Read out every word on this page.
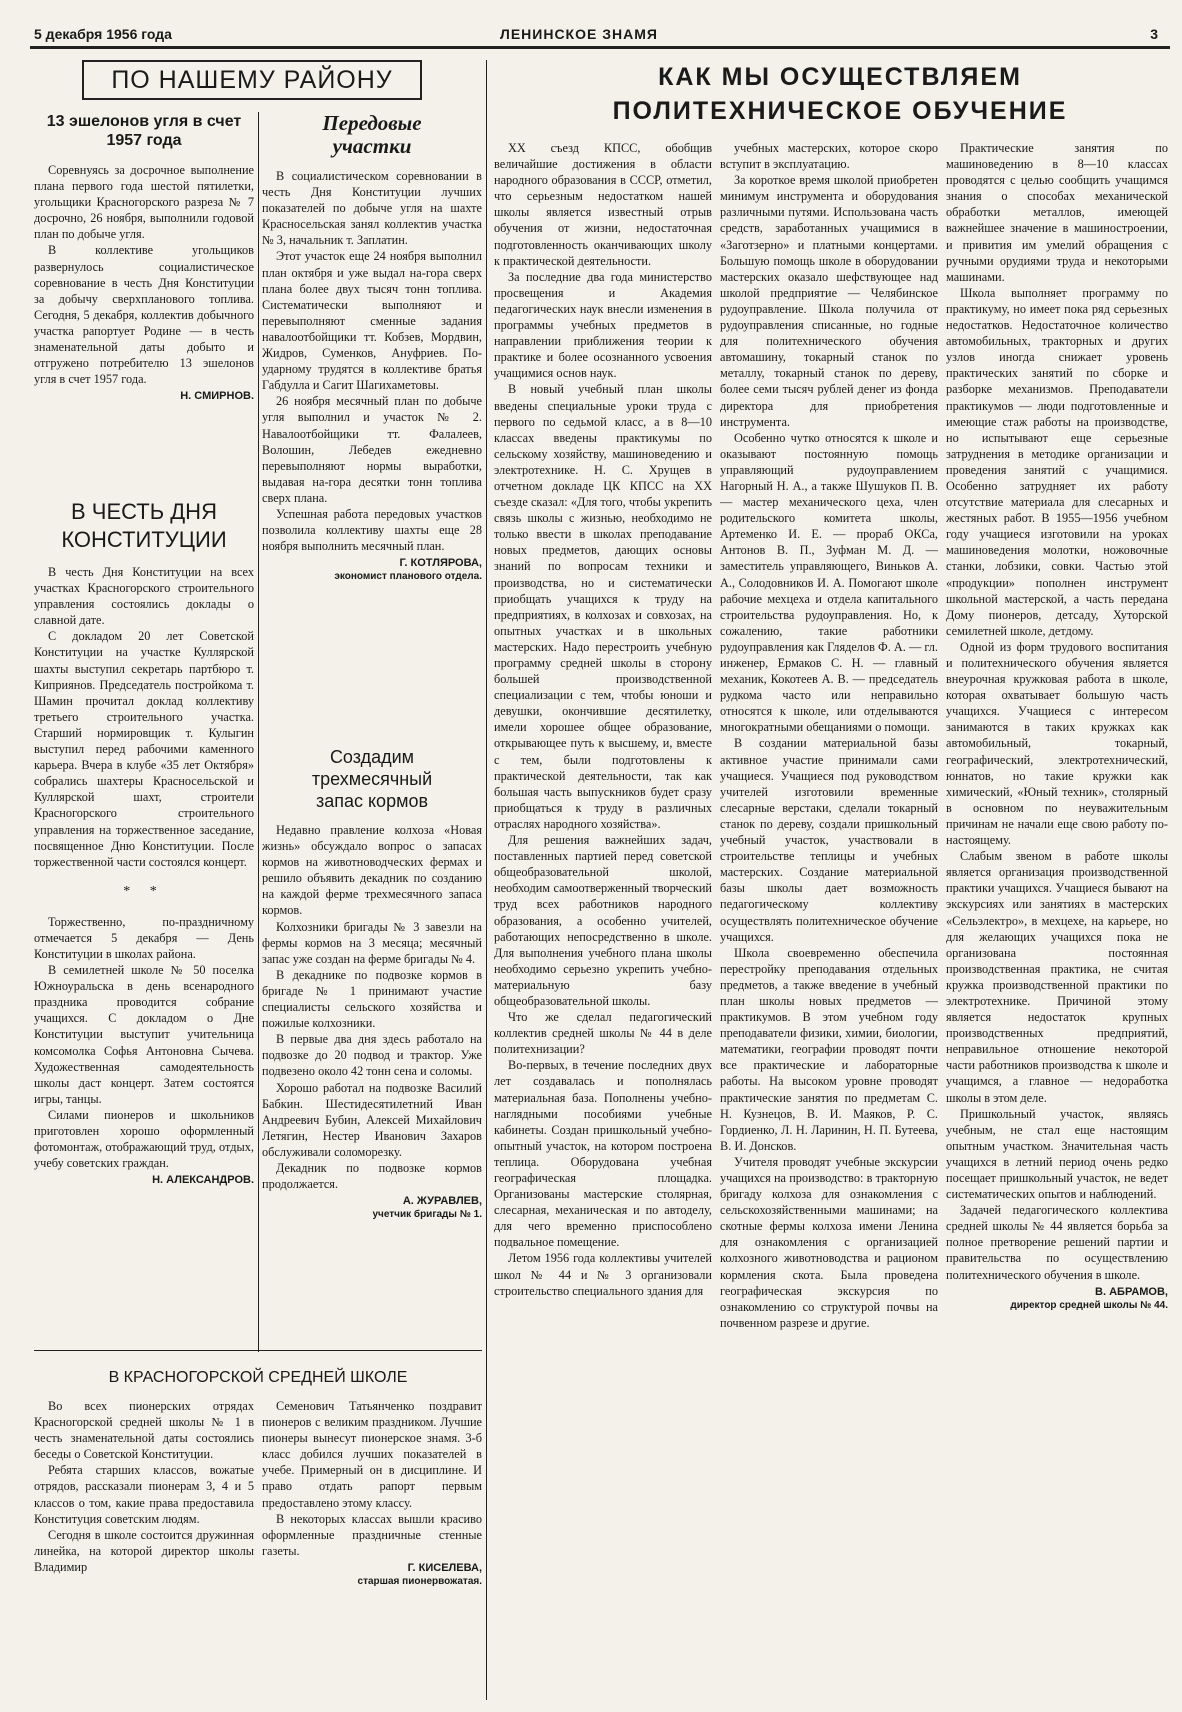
5 декабря 1956 года	ЛЕНИНСКОЕ ЗНАМЯ	3
ПО НАШЕМУ РАЙОНУ
13 эшелонов угля в счет 1957 года

Соревнуясь за досрочное выполнение плана первого года шестой пятилетки, угольщики Красногорского разреза № 7 досрочно, 26 ноября, выполнили годовой план по добыче угля.

В коллективе угольщиков развернулось социалистическое соревнование в честь Дня Конституции за добычу сверхпланового топлива. Сегодня, 5 декабря, коллектив добычного участка рапортует Родине — в честь знаменательной даты добыто и отгружено потребителю 13 эшелонов угля в счет 1957 года.

Н. СМИРНОВ.

В ЧЕСТЬ ДНЯ КОНСТИТУЦИИ

В честь Дня Конституции на всех участках Красногорского строительного управления состоялись доклады о славной дате.

С докладом 20 лет Советской Конституции на участке Куллярской шахты выступил секретарь партбюро т. Киприянов. Председатель постройкома т. Шамин прочитал доклад коллективу третьего строительного участка. Старший нормировщик т. Кулыгин выступил перед рабочими каменного карьера. Вчера в клубе «35 лет Октября» собрались шахтеры Красносельской и Куллярской шахт, строители Красногорского строительного управления на торжественное заседание, посвященное Дню Конституции. После торжественной части состоялся концерт.

* *

Торжественно, по-праздничному отмечается 5 декабря — День Конституции в школах района.

В семилетней школе № 50 поселка Южноуральска в день всенародного праздника проводится собрание учащихся. С докладом о Дне Конституции выступит учительница комсомолка Софья Антоновна Сычева. Художественная самодеятельность школы даст концерт. Затем состоятся игры, танцы.

Силами пионеров и школьников приготовлен хорошо оформленный фотомонтаж, отображающий труд, отдых, учебу советских граждан.

Н. АЛЕКСАНДРОВ.

Передовые участки

В социалистическом соревновании в честь Дня Конституции лучших показателей по добыче угля на шахте Красносельская занял коллектив участка № 3, начальник т. Заплатин.

Этот участок еще 24 ноября выполнил план октября и уже выдал на-гора сверх плана более двух тысяч тонн топлива. Систематически выполняют и перевыполняют сменные задания навалоотбойщики тт. Кобзев, Мордвин, Жидров, Суменков, Ануфриев. По-ударному трудятся в коллективе братья Габдулла и Сагит Шагихаметовы.

26 ноября месячный план по добыче угля выполнил и участок № 2. Навалоотбойщики тт. Фалалеев, Волошин, Лебедев ежедневно перевыполняют нормы выработки, выдавая на-гора десятки тонн топлива сверх плана.

Успешная работа передовых участков позволила коллективу шахты еще 28 ноября выполнить месячный план.

Г. КОТЛЯРОВА,

экономист планового отдела.

Создадим трехмесячный запас кормов

Недавно правление колхоза «Новая жизнь» обсуждало вопрос о запасах кормов на животноводческих фермах и решило объявить декадник по созданию на каждой ферме трехмесячного запаса кормов.

Колхозники бригады № 3 завезли на фермы кормов на 3 месяца; месячный запас уже создан на ферме бригады № 4.

В декаднике по подвозке кормов в бригаде № 1 принимают участие специалисты сельского хозяйства и пожилые колхозники.

В первые два дня здесь работало на подвозке до 20 подвод и трактор. Уже подвезено около 42 тонн сена и соломы.

Хорошо работал на подвозке Василий Бабкин. Шестидесятилетний Иван Андреевич Бубин, Алексей Михайлович Летягин, Нестер Иванович Захаров обслуживали соломорезку.

Декадник по подвозке кормов продолжается.

А. ЖУРАВЛЕВ,

учетчик бригады № 1.

В КРАСНОГОРСКОЙ СРЕДНЕЙ ШКОЛЕ

Во всех пионерских отрядах Красногорской средней школы № 1 в честь знаменательной даты состоялись беседы о Советской Конституции.

Ребята старших классов, вожатые отрядов, рассказали пионерам 3, 4 и 5 классов о том, какие права предоставила Конституция советским людям.

Сегодня в школе состоится дружинная линейка, на которой директор школы Владимир

Семенович Татьянченко поздравит пионеров с великим праздником. Лучшие пионеры вынесут пионерское знамя. 3-б класс добился лучших показателей в учебе. Примерный он в дисциплине. И право отдать рапорт первым предоставлено этому классу.

В некоторых классах вышли красиво оформленные праздничные стенные газеты.

Г. КИСЕЛЕВА,

старшая пионервожатая.

КАК МЫ ОСУЩЕСТВЛЯЕМ ПОЛИТЕХНИЧЕСКОЕ ОБУЧЕНИЕ

XX съезд КПСС, обобщив величайшие достижения в области народного образования в СССР, отметил, что серьезным недостатком нашей школы является известный отрыв обучения от жизни, недостаточная подготовленность оканчивающих школу к практической деятельности.

За последние два года министерство просвещения и Академия педагогических наук внесли изменения в программы учебных предметов в направлении приближения теории к практике и более осознанного усвоения учащимися основ наук.

В новый учебный план школы введены специальные уроки труда с первого по седьмой класс, а в 8—10 классах введены практикумы по сельскому хозяйству, машиноведению и электротехнике. Н. С. Хрущев в отчетном докладе ЦК КПСС на XX съезде сказал: «Для того, чтобы укрепить связь школы с жизнью, необходимо не только ввести в школах преподавание новых предметов, дающих основы знаний по вопросам техники и производства, но и систематически приобщать учащихся к труду на предприятиях, в колхозах и совхозах, на опытных участках и в школьных мастерских. Надо перестроить учебную программу средней школы в сторону большей производственной специализации с тем, чтобы юноши и девушки, окончившие десятилетку, имели хорошее общее образование, открывающее путь к высшему, и, вместе с тем, были подготовлены к практической деятельности, так как большая часть выпускников будет сразу приобщаться к труду в различных отраслях народного хозяйства».

Для решения важнейших задач, поставленных партией перед советской общеобразовательной школой, необходим самоотверженный творческий труд всех работников народного образования, а особенно учителей, работающих непосредственно в школе. Для выполнения учебного плана школы необходимо серьезно укрепить учебно-материальную базу общеобразовательной школы.

Что же сделал педагогический коллектив средней школы № 44 в деле политехнизации?

Во-первых, в течение последних двух лет создавалась и пополнялась материальная база. Пополнены учебно-наглядными пособиями учебные кабинеты. Создан пришкольный учебно-опытный участок, на котором построена теплица. Оборудована учебная географическая площадка. Организованы мастерские столярная, слесарная, механическая и по автоделу, для чего временно приспособлено подвальное помещение.

Летом 1956 года коллективы учителей школ № 44 и № 3 организовали строительство специального здания для

учебных мастерских, которое скоро вступит в эксплуатацию.

За короткое время школой приобретен минимум инструмента и оборудования различными путями. Использована часть средств, заработанных учащимися в «Заготзерно» и платными концертами. Большую помощь школе в оборудовании мастерских оказало шефствующее над школой предприятие — Челябинское рудоуправление. Школа получила от рудоуправления списанные, но годные для политехнического обучения автомашину, токарный станок по металлу, токарный станок по дереву, более семи тысяч рублей денег из фонда директора для приобретения инструмента.

Особенно чутко относятся к школе и оказывают постоянную помощь управляющий рудоуправлением Нагорный Н. А., а также Шушуков П. В. — мастер механического цеха, член родительского комитета школы, Артеменко И. Е. — прораб ОКСа, Антонов В. П., Зуфман М. Д. — заместитель управляющего, Виньков А. А., Солодовников И. А. Помогают школе рабочие мехцеха и отдела капитального строительства рудоуправления. Но, к сожалению, такие работники рудоуправления как Гляделов Ф. А. — гл. инженер, Ермаков С. Н. — главный механик, Кокотеев А. В. — председатель рудкома часто или неправильно относятся к школе, или отделываются многократными обещаниями о помощи.

В создании материальной базы активное участие принимали сами учащиеся. Учащиеся под руководством учителей изготовили временные слесарные верстаки, сделали токарный станок по дереву, создали пришкольный учебный участок, участвовали в строительстве теплицы и учебных мастерских. Создание материальной базы школы дает возможность педагогическому коллективу осуществлять политехническое обучение учащихся.

Школа своевременно обеспечила перестройку преподавания отдельных предметов, а также введение в учебный план школы новых предметов — практикумов. В этом учебном году преподаватели физики, химии, биологии, математики, географии проводят почти все практические и лабораторные работы. На высоком уровне проводят практические занятия по предметам С. Н. Кузнецов, В. И. Маяков, Р. С. Гордиенко, Л. Н. Ларинин, Н. П. Бутеева, В. И. Донсков.

Учителя проводят учебные экскурсии учащихся на производство: в тракторную бригаду колхоза для ознакомления с сельскохозяйственными машинами; на скотные фермы колхоза имени Ленина для ознакомления с организацией колхозного животноводства и рационом кормления скота. Была проведена географическая экскурсия по ознакомлению со структурой почвы на почвенном разрезе и другие.

Практические занятия по машиноведению в 8—10 классах проводятся с целью сообщить учащимся знания о способах механической обработки металлов, имеющей важнейшее значение в машиностроении, и привития им умелий обращения с ручными орудиями труда и некоторыми машинами.

Школа выполняет программу по практикуму, но имеет пока ряд серьезных недостатков. Недостаточное количество автомобильных, тракторных и других узлов иногда снижает уровень практических занятий по сборке и разборке механизмов. Преподаватели практикумов — люди подготовленные и имеющие стаж работы на производстве, но испытывают еще серьезные затруднения в методике организации и проведения занятий с учащимися. Особенно затрудняет их работу отсутствие материала для слесарных и жестяных работ. В 1955—1956 учебном году учащиеся изготовили на уроках машиноведения молотки, ножовочные станки, лобзики, совки. Частью этой «продукции» пополнен инструмент школьной мастерской, а часть передана Дому пионеров, детсаду, Хуторской семилетней школе, детдому.

Одной из форм трудового воспитания и политехнического обучения является внеурочная кружковая работа в школе, которая охватывает большую часть учащихся. Учащиеся с интересом занимаются в таких кружках как автомобильный, токарный, географический, электротехнический, юннатов, но такие кружки как химический, «Юный техник», столярный в основном по неуважительным причинам не начали еще свою работу по-настоящему.

Слабым звеном в работе школы является организация производственной практики учащихся. Учащиеся бывают на экскурсиях или занятиях в мастерских «Сельэлектро», в мехцехе, на карьере, но для желающих учащихся пока не организована постоянная производственная практика, не считая кружка производственной практики по электротехнике. Причиной этому является недостаток крупных производственных предприятий, неправильное отношение некоторой части работников производства к школе и учащимся, а главное — недоработка школы в этом деле.

Пришкольный участок, являясь учебным, не стал еще настоящим опытным участком. Значительная часть учащихся в летний период очень редко посещает пришкольный участок, не ведет систематических опытов и наблюдений.

Задачей педагогического коллектива средней школы № 44 является борьба за полное претворение решений партии и правительства по осуществлению политехнического обучения в школе.

В. АБРАМОВ,

директор средней школы № 44.
